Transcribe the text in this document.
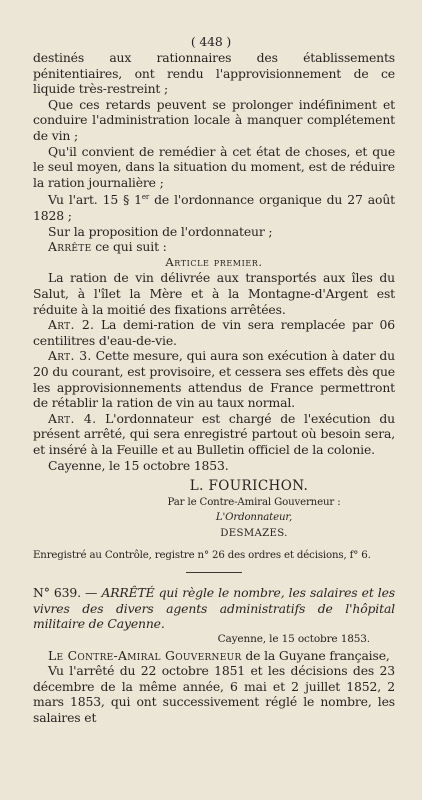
( 448 )

destinés aux rationnaires des établissements pénitentiaires, ont rendu l'approvisionnement de ce liquide très-restreint ;

Que ces retards peuvent se prolonger indéfiniment et conduire l'administration locale à manquer complétement de vin ;

Qu'il convient de remédier à cet état de choses, et que le seul moyen, dans la situation du moment, est de réduire la ration journalière ;

Vu l'art. 15 § 1er de l'ordonnance organique du 27 août 1828 ;

Sur la proposition de l'ordonnateur ;

Arrête ce qui suit :

Article premier.

La ration de vin délivrée aux transportés aux îles du Salut, à l'îlet la Mère et à la Montagne-d'Argent est réduite à la moitié des fixations arrêtées.

Art. 2. La demi-ration de vin sera remplacée par 06 centilitres d'eau-de-vie.

Art. 3. Cette mesure, qui aura son exécution à dater du 20 du courant, est provisoire, et cessera ses effets dès que les approvisionnements attendus de France permettront de rétablir la ration de vin au taux normal.

Art. 4. L'ordonnateur est chargé de l'exécution du présent arrêté, qui sera enregistré partout où besoin sera, et inséré à la Feuille et au Bulletin officiel de la colonie.

Cayenne, le 15 octobre 1853.

L. FOURICHON.
Par le Contre-Amiral Gouverneur :
L'Ordonnateur,
DESMAZES.

Enregistré au Contrôle, registre n° 26 des ordres et décisions, f° 6.

N° 639. — ARRÊTÉ qui règle le nombre, les salaires et les vivres des divers agents administratifs de l'hôpital militaire de Cayenne.

Cayenne, le 15 octobre 1853.

Le Contre-Amiral Gouverneur de la Guyane française,

Vu l'arrêté du 22 octobre 1851 et les décisions des 23 décembre de la même année, 6 mai et 2 juillet 1852, 2 mars 1853, qui ont successivement réglé le nombre, les salaires et
